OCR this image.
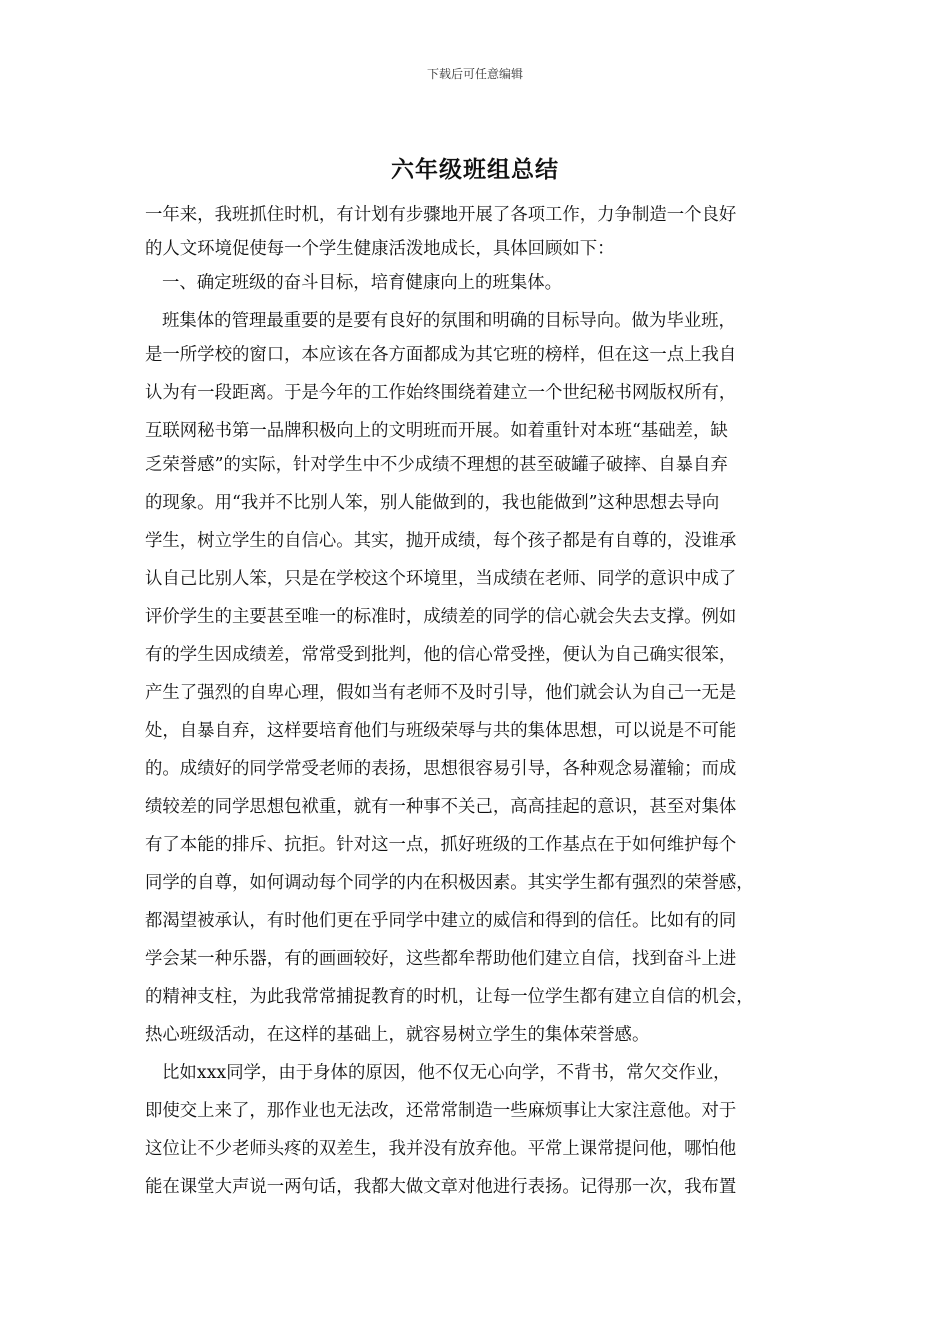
下载后可任意编辑
六年级班组总结
一年来，我班抓住时机，有计划有步骤地开展了各项工作，力争制造一个良好
的人文环境促使每一个学生健康活泼地成长，具体回顾如下：
一、确定班级的奋斗目标，培育健康向上的班集体。
班集体的管理最重要的是要有良好的氛围和明确的目标导向。做为毕业班，
是一所学校的窗口，本应该在各方面都成为其它班的榜样，但在这一点上我自
认为有一段距离。于是今年的工作始终围绕着建立一个世纪秘书网版权所有，
互联网秘书第一品牌积极向上的文明班而开展。如着重针对本班“基础差，缺
乏荣誉感”的实际，针对学生中不少成绩不理想的甚至破罐子破摔、自暴自弃
的现象。用“我并不比别人笨，别人能做到的，我也能做到”这种思想去导向
学生，树立学生的自信心。其实，抛开成绩，每个孩子都是有自尊的，没谁承
认自己比别人笨，只是在学校这个环境里，当成绩在老师、同学的意识中成了
评价学生的主要甚至唯一的标准时，成绩差的同学的信心就会失去支撑。例如
有的学生因成绩差，常常受到批判，他的信心常受挫，便认为自己确实很笨，
产生了强烈的自卑心理，假如当有老师不及时引导，他们就会认为自己一无是
处，自暴自弃，这样要培育他们与班级荣辱与共的集体思想，可以说是不可能
的。成绩好的同学常受老师的表扬，思想很容易引导，各种观念易灌输；而成
绩较差的同学思想包袱重，就有一种事不关己，高高挂起的意识，甚至对集体
有了本能的排斥、抗拒。针对这一点，抓好班级的工作基点在于如何维护每个
同学的自尊，如何调动每个同学的内在积极因素。其实学生都有强烈的荣誉感，
都渴望被承认，有时他们更在乎同学中建立的威信和得到的信任。比如有的同
学会某一种乐器，有的画画较好，这些都牟帮助他们建立自信，找到奋斗上进
的精神支柱，为此我常常捕捉教育的时机，让每一位学生都有建立自信的机会，
热心班级活动，在这样的基础上，就容易树立学生的集体荣誉感。
比如xxx同学，由于身体的原因，他不仅无心向学，不背书，常欠交作业，
即使交上来了，那作业也无法改，还常常制造一些麻烦事让大家注意他。对于
这位让不少老师头疼的双差生，我并没有放弃他。平常上课常提问他，哪怕他
能在课堂大声说一两句话，我都大做文章对他进行表扬。记得那一次，我布置
